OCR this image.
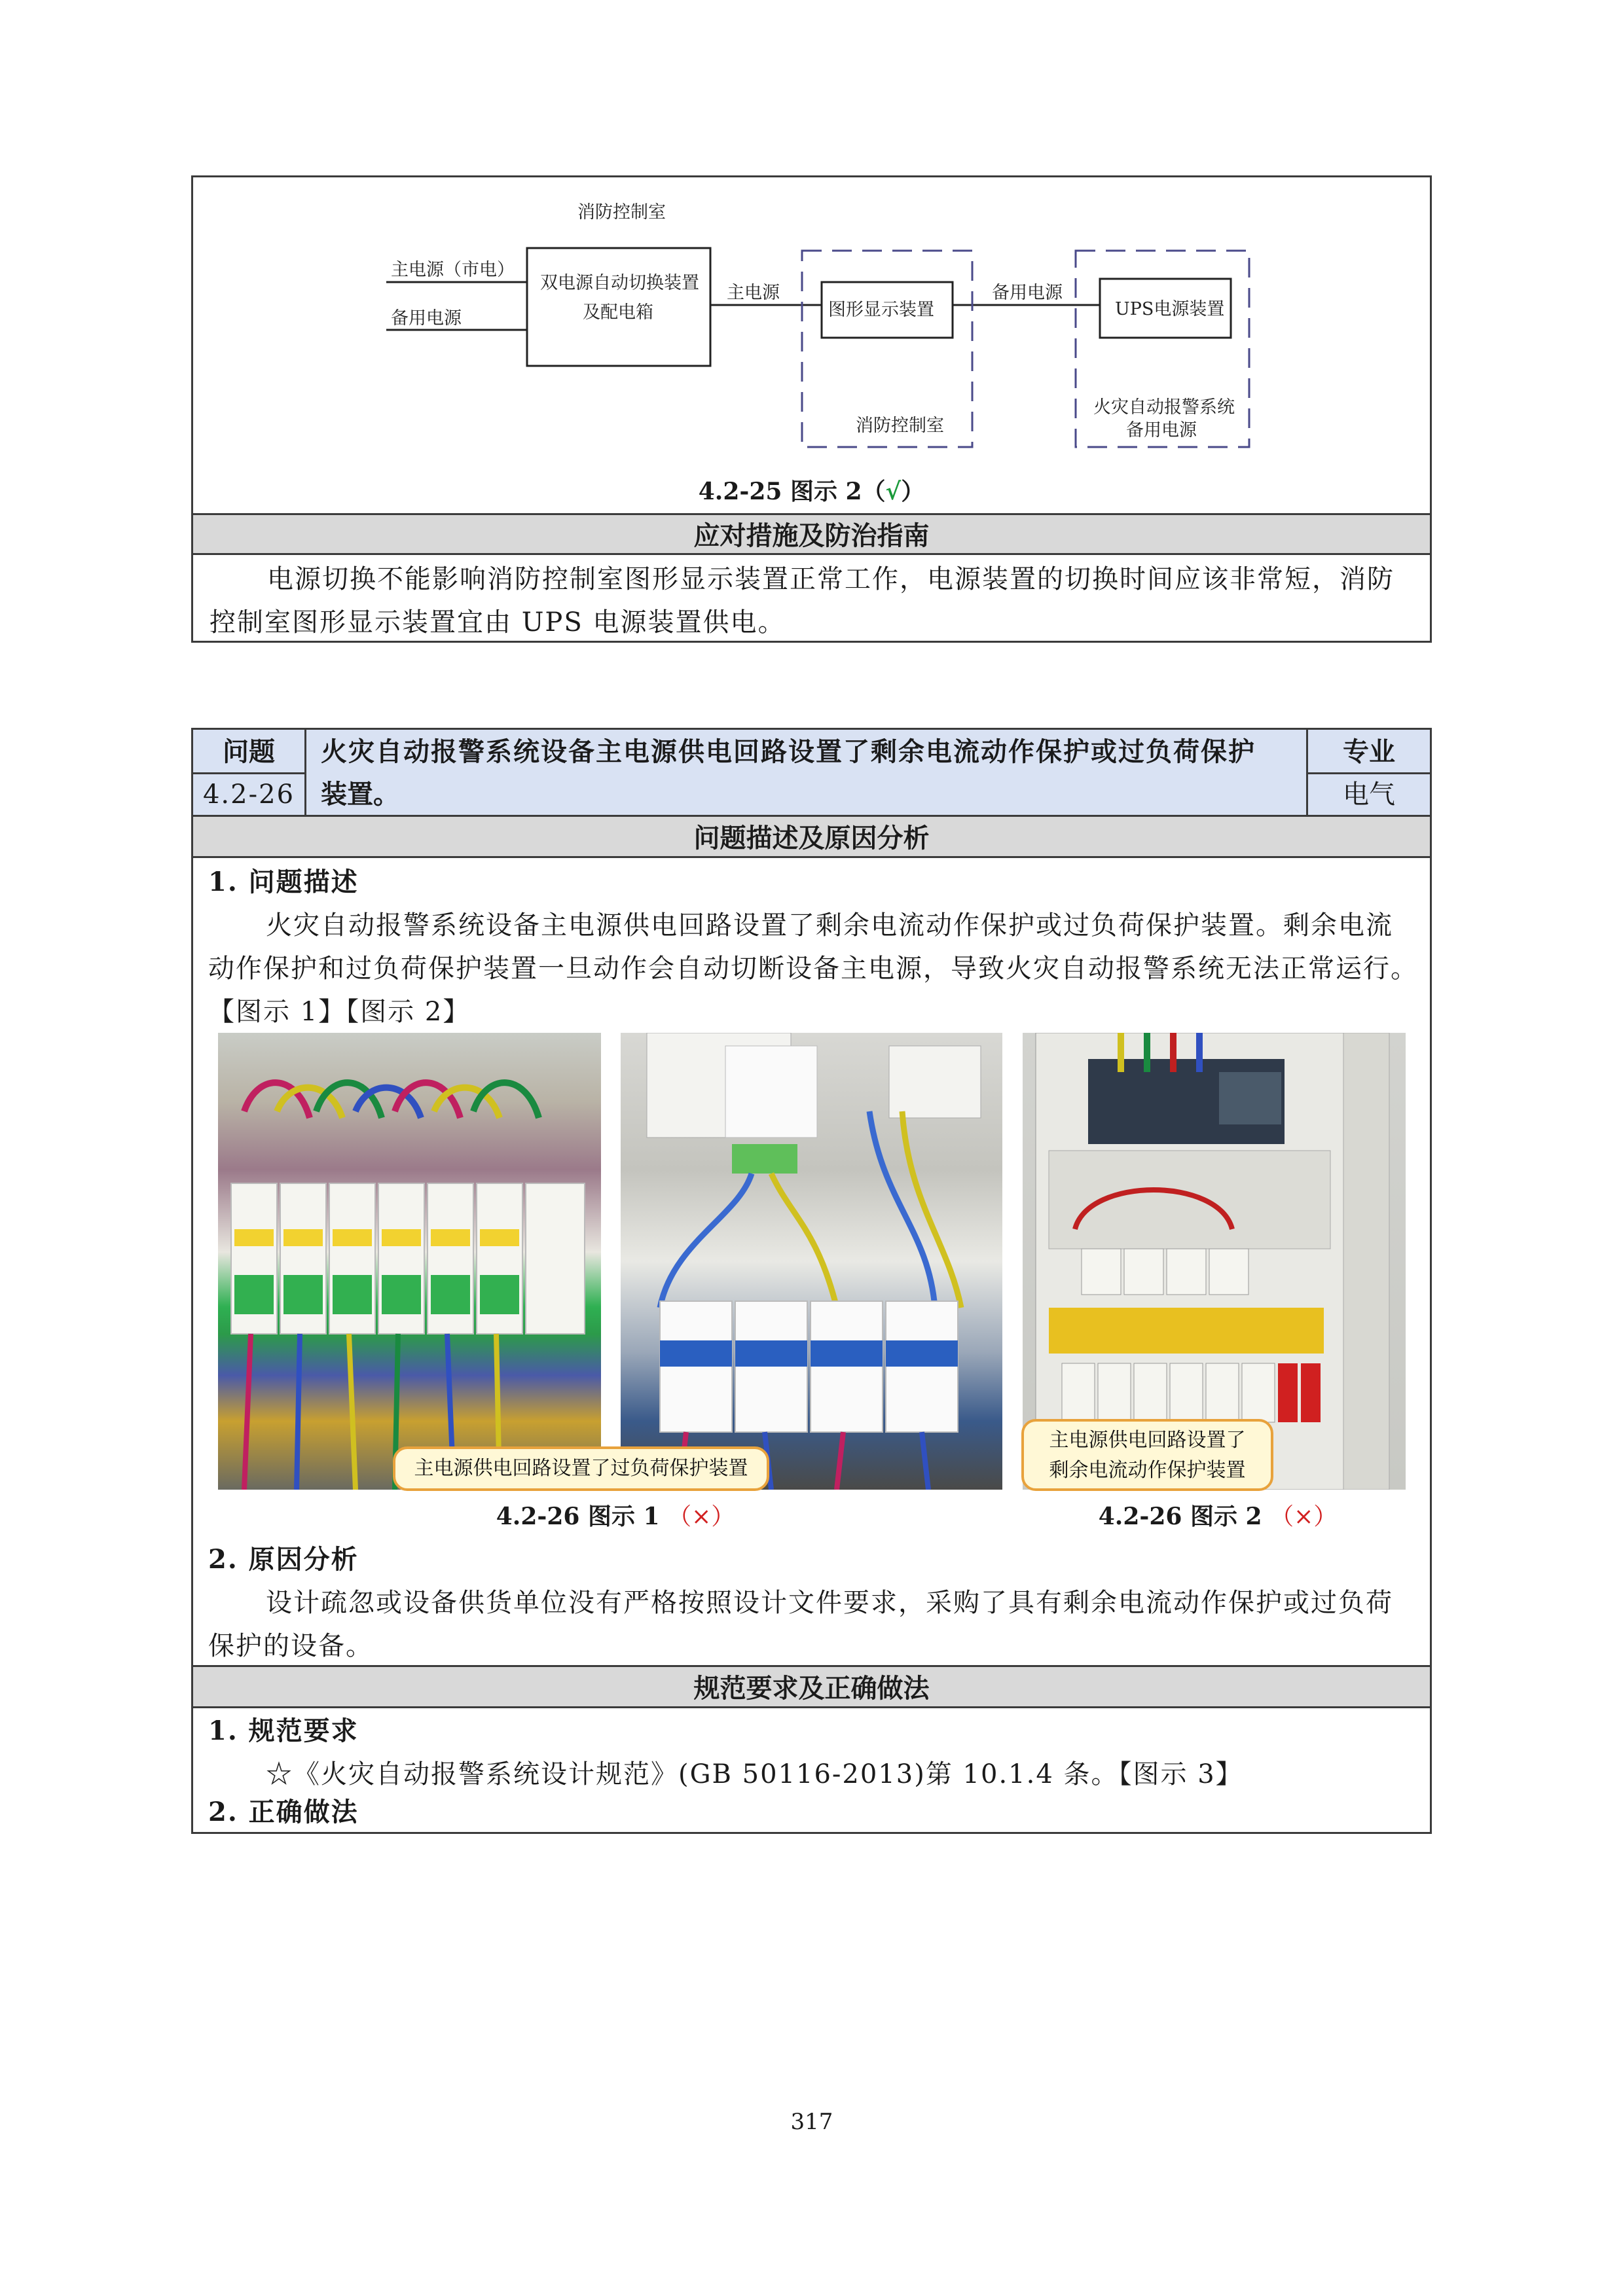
消防控制室
主电源（市电）
备用电源
双电源自动切换装置
及配电箱
主电源
图形显示装置
备用电源
UPS电源装置
消防控制室
火灾自动报警系统
备用电源
4.2-25 图示 2（√）
应对措施及防治指南
电源切换不能影响消防控制室图形显示装置正常工作，电源装置的切换时间应该非常短，消防控制室图形显示装置宜由 UPS 电源装置供电。
问题
4.2-26
火灾自动报警系统设备主电源供电回路设置了剩余电流动作保护或过负荷保护
装置。
专业
电气
问题描述及原因分析
1. 问题描述
火灾自动报警系统设备主电源供电回路设置了剩余电流动作保护或过负荷保护装置。剩余电流动作保护和过负荷保护装置一旦动作会自动切断设备主电源，导致火灾自动报警系统无法正常运行。【图示 1】【图示 2】
主电源供电回路设置了过负荷保护装置
主电源供电回路设置了
剩余电流动作保护装置
4.2-26 图示 1 （×）	4.2-26 图示 2 （×）
2. 原因分析
设计疏忽或设备供货单位没有严格按照设计文件要求，采购了具有剩余电流动作保护或过负荷保护的设备。
规范要求及正确做法
1. 规范要求
☆《火灾自动报警系统设计规范》(GB 50116-2013)第 10.1.4 条。【图示 3】
2. 正确做法
317
